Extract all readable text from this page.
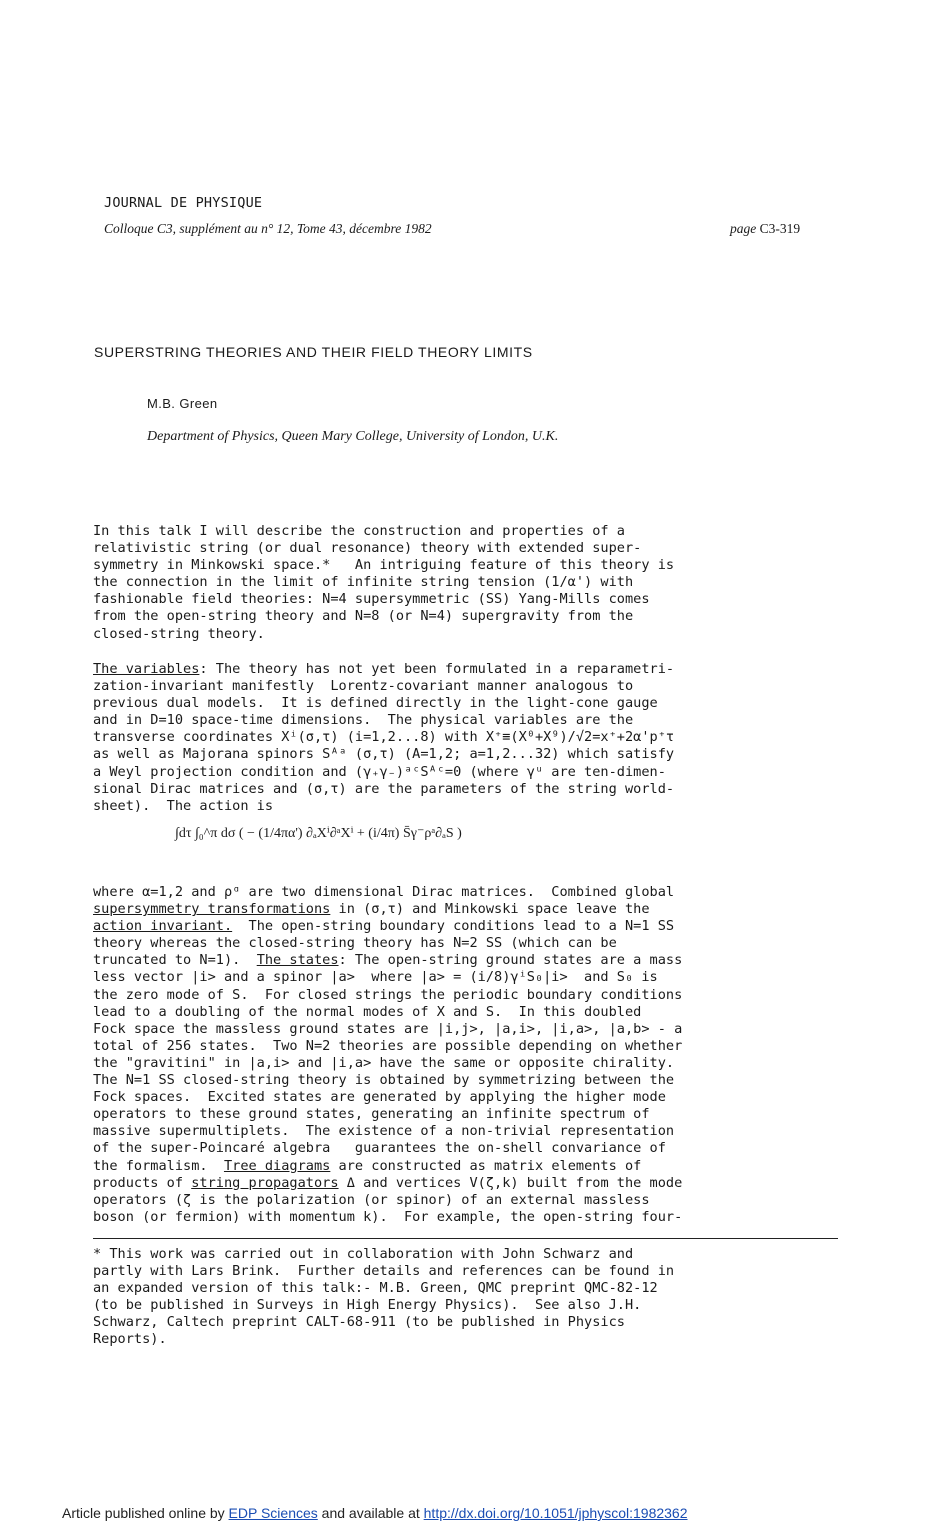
JOURNAL DE PHYSIQUE
Colloque C3, supplément au n° 12, Tome 43, décembre 1982	page C3-319
SUPERSTRING THEORIES AND THEIR FIELD THEORY LIMITS
M.B. Green
Department of Physics, Queen Mary College, University of London, U.K.
In this talk I will describe the construction and properties of a
relativistic string (or dual resonance) theory with extended super-
symmetry in Minkowski space.*   An intriguing feature of this theory is
the connection in the limit of infinite string tension (1/α') with
fashionable field theories: N=4 supersymmetric (SS) Yang-Mills comes
from the open-string theory and N=8 (or N=4) supergravity from the
closed-string theory.
The variables: The theory has not yet been formulated in a reparametri-
zation-invariant manifestly  Lorentz-covariant manner analogous to
previous dual models.  It is defined directly in the light-cone gauge
and in D=10 space-time dimensions.  The physical variables are the
transverse coordinates Xⁱ(σ,τ) (i=1,2...8) with X⁺≡(X⁰+X⁹)/√2=x⁺+2α'p⁺τ
as well as Majorana spinors Sᴬᵃ (σ,τ) (A=1,2; a=1,2...32) which satisfy
a Weyl projection condition and (γ₊γ₋)ᵃᶜSᴬᶜ=0 (where γᵘ are ten-dimen-
sional Dirac matrices and (σ,τ) are the parameters of the string world-
sheet).  The action is
∫dτ ∫₀^π dσ ( − (1/4πα') ∂ₐXⁱ∂ᵃXⁱ + (i/4π) S̄γ⁻ρᵃ∂ₐS )
where α=1,2 and ρᵅ are two dimensional Dirac matrices.  Combined global
supersymmetry transformations in (σ,τ) and Minkowski space leave the
action invariant.  The open-string boundary conditions lead to a N=1 SS
theory whereas the closed-string theory has N=2 SS (which can be
truncated to N=1).  The states: The open-string ground states are a mass
less vector |i> and a spinor |a>  where |a> = (i/8)γⁱS₀|i>  and S₀ is
the zero mode of S.  For closed strings the periodic boundary conditions
lead to a doubling of the normal modes of X and S.  In this doubled
Fock space the massless ground states are |i,j>, |a,i>, |i,a>, |a,b> - a
total of 256 states.  Two N=2 theories are possible depending on whether
the "gravitini" in |a,i> and |i,a> have the same or opposite chirality.
The N=1 SS closed-string theory is obtained by symmetrizing between the
Fock spaces.  Excited states are generated by applying the higher mode
operators to these ground states, generating an infinite spectrum of
massive supermultiplets.  The existence of a non-trivial representation
of the super-Poincaré algebra   guarantees the on-shell convariance of
the formalism.  Tree diagrams are constructed as matrix elements of
products of string propagators Δ and vertices V(ζ,k) built from the mode
operators (ζ is the polarization (or spinor) of an external massless
boson (or fermion) with momentum k).  For example, the open-string four-
* This work was carried out in collaboration with John Schwarz and
partly with Lars Brink.  Further details and references can be found in
an expanded version of this talk:- M.B. Green, QMC preprint QMC-82-12
(to be published in Surveys in High Energy Physics).  See also J.H.
Schwarz, Caltech preprint CALT-68-911 (to be published in Physics
Reports).
Article published online by EDP Sciences and available at http://dx.doi.org/10.1051/jphyscol:1982362
